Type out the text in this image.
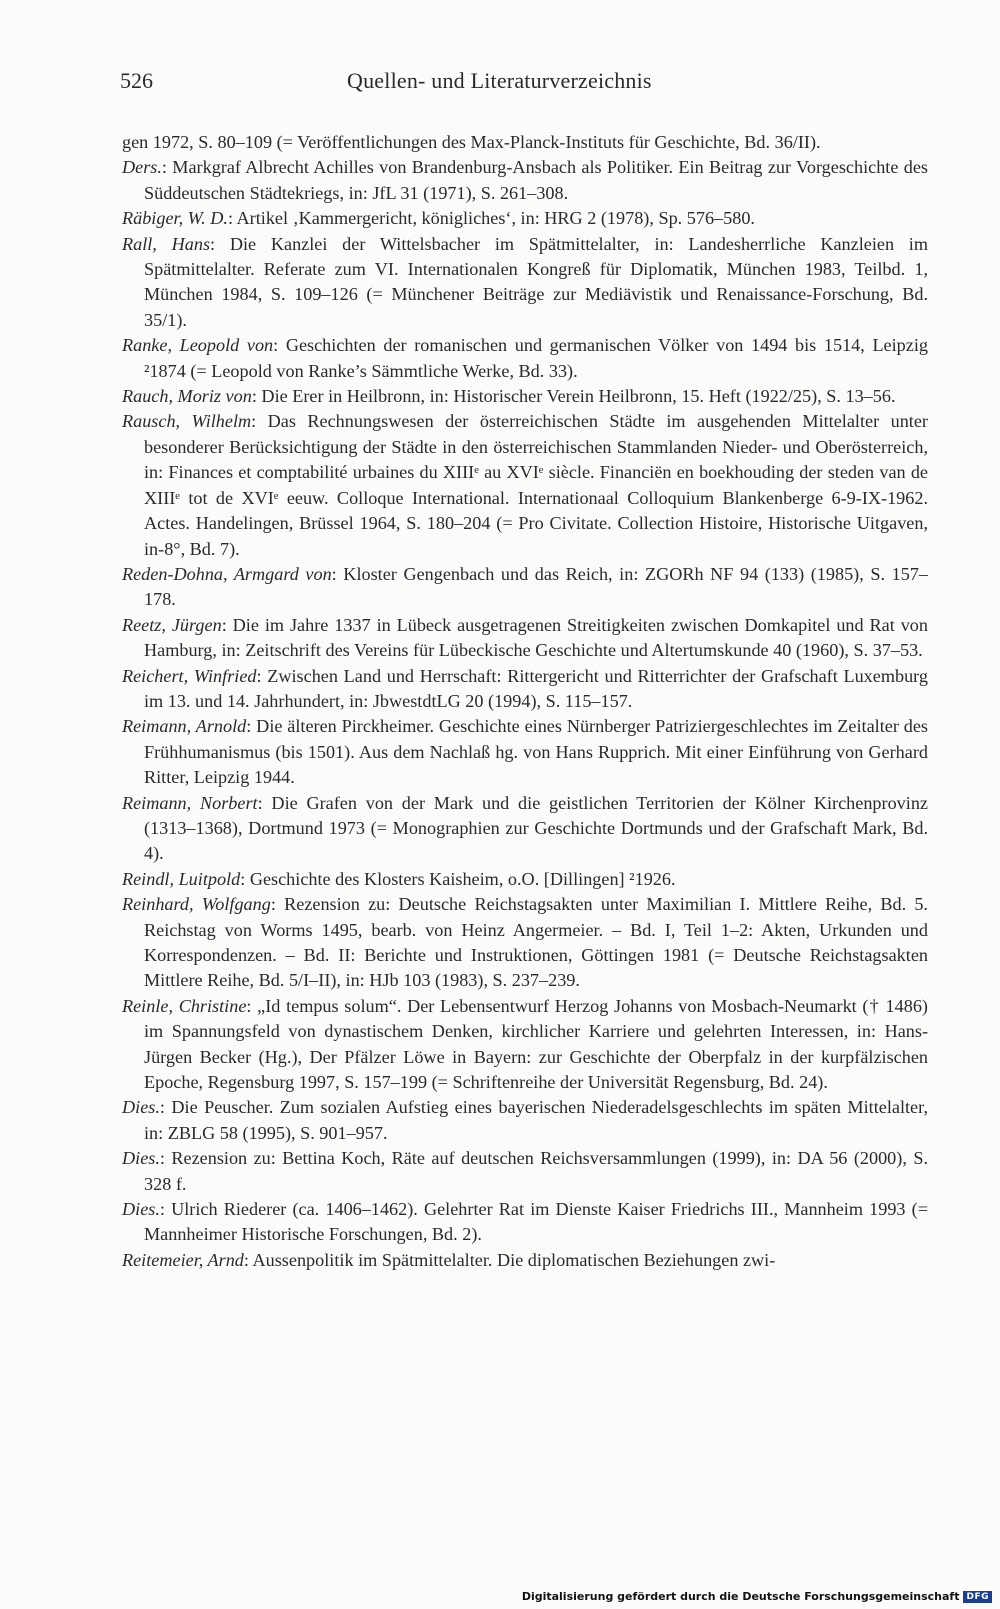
526	Quellen- und Literaturverzeichnis

gen 1972, S. 80–109 (= Veröffentlichungen des Max-Planck-Instituts für Geschichte, Bd. 36/II).

Ders.: Markgraf Albrecht Achilles von Brandenburg-Ansbach als Politiker. Ein Beitrag zur Vorgeschichte des Süddeutschen Städtekriegs, in: JfL 31 (1971), S. 261–308.

Räbiger, W. D.: Artikel ‚Kammergericht, königliches‘, in: HRG 2 (1978), Sp. 576–580.

Rall, Hans: Die Kanzlei der Wittelsbacher im Spätmittelalter, in: Landesherrliche Kanzleien im Spätmittelalter. Referate zum VI. Internationalen Kongreß für Diplomatik, München 1983, Teilbd. 1, München 1984, S. 109–126 (= Münchener Beiträge zur Mediävistik und Renaissance-Forschung, Bd. 35/1).

Ranke, Leopold von: Geschichten der romanischen und germanischen Völker von 1494 bis 1514, Leipzig ²1874 (= Leopold von Ranke’s Sämmtliche Werke, Bd. 33).

Rauch, Moriz von: Die Erer in Heilbronn, in: Historischer Verein Heilbronn, 15. Heft (1922/25), S. 13–56.

Rausch, Wilhelm: Das Rechnungswesen der österreichischen Städte im ausgehenden Mittelalter unter besonderer Berücksichtigung der Städte in den österreichischen Stammlanden Nieder- und Oberösterreich, in: Finances et comptabilité urbaines du XIIIᵉ au XVIᵉ siècle. Financiën en boekhouding der steden van de XIIIᵉ tot de XVIᵉ eeuw. Colloque International. Internationaal Colloquium Blankenberge 6-9-IX-1962. Actes. Handelingen, Brüssel 1964, S. 180–204 (= Pro Civitate. Collection Histoire, Historische Uitgaven, in-8°, Bd. 7).

Reden-Dohna, Armgard von: Kloster Gengenbach und das Reich, in: ZGORh NF 94 (133) (1985), S. 157–178.

Reetz, Jürgen: Die im Jahre 1337 in Lübeck ausgetragenen Streitigkeiten zwischen Domkapitel und Rat von Hamburg, in: Zeitschrift des Vereins für Lübeckische Geschichte und Altertumskunde 40 (1960), S. 37–53.

Reichert, Winfried: Zwischen Land und Herrschaft: Rittergericht und Ritterrichter der Grafschaft Luxemburg im 13. und 14. Jahrhundert, in: JbwestdtLG 20 (1994), S. 115–157.

Reimann, Arnold: Die älteren Pirckheimer. Geschichte eines Nürnberger Patriziergeschlechtes im Zeitalter des Frühhumanismus (bis 1501). Aus dem Nachlaß hg. von Hans Rupprich. Mit einer Einführung von Gerhard Ritter, Leipzig 1944.

Reimann, Norbert: Die Grafen von der Mark und die geistlichen Territorien der Kölner Kirchenprovinz (1313–1368), Dortmund 1973 (= Monographien zur Geschichte Dortmunds und der Grafschaft Mark, Bd. 4).

Reindl, Luitpold: Geschichte des Klosters Kaisheim, o.O. [Dillingen] ²1926.

Reinhard, Wolfgang: Rezension zu: Deutsche Reichstagsakten unter Maximilian I. Mittlere Reihe, Bd. 5. Reichstag von Worms 1495, bearb. von Heinz Angermeier. – Bd. I, Teil 1–2: Akten, Urkunden und Korrespondenzen. – Bd. II: Berichte und Instruktionen, Göttingen 1981 (= Deutsche Reichstagsakten Mittlere Reihe, Bd. 5/I–II), in: HJb 103 (1983), S. 237–239.

Reinle, Christine: „Id tempus solum“. Der Lebensentwurf Herzog Johanns von Mosbach-Neumarkt († 1486) im Spannungsfeld von dynastischem Denken, kirchlicher Karriere und gelehrten Interessen, in: Hans-Jürgen Becker (Hg.), Der Pfälzer Löwe in Bayern: zur Geschichte der Oberpfalz in der kurpfälzischen Epoche, Regensburg 1997, S. 157–199 (= Schriftenreihe der Universität Regensburg, Bd. 24).

Dies.: Die Peuscher. Zum sozialen Aufstieg eines bayerischen Niederadelsgeschlechts im späten Mittelalter, in: ZBLG 58 (1995), S. 901–957.

Dies.: Rezension zu: Bettina Koch, Räte auf deutschen Reichsversammlungen (1999), in: DA 56 (2000), S. 328 f.

Dies.: Ulrich Riederer (ca. 1406–1462). Gelehrter Rat im Dienste Kaiser Friedrichs III., Mannheim 1993 (= Mannheimer Historische Forschungen, Bd. 2).

Reitemeier, Arnd: Aussenpolitik im Spätmittelalter. Die diplomatischen Beziehungen zwi-

Digitalisierung gefördert durch die Deutsche Forschungsgemeinschaft DFG
